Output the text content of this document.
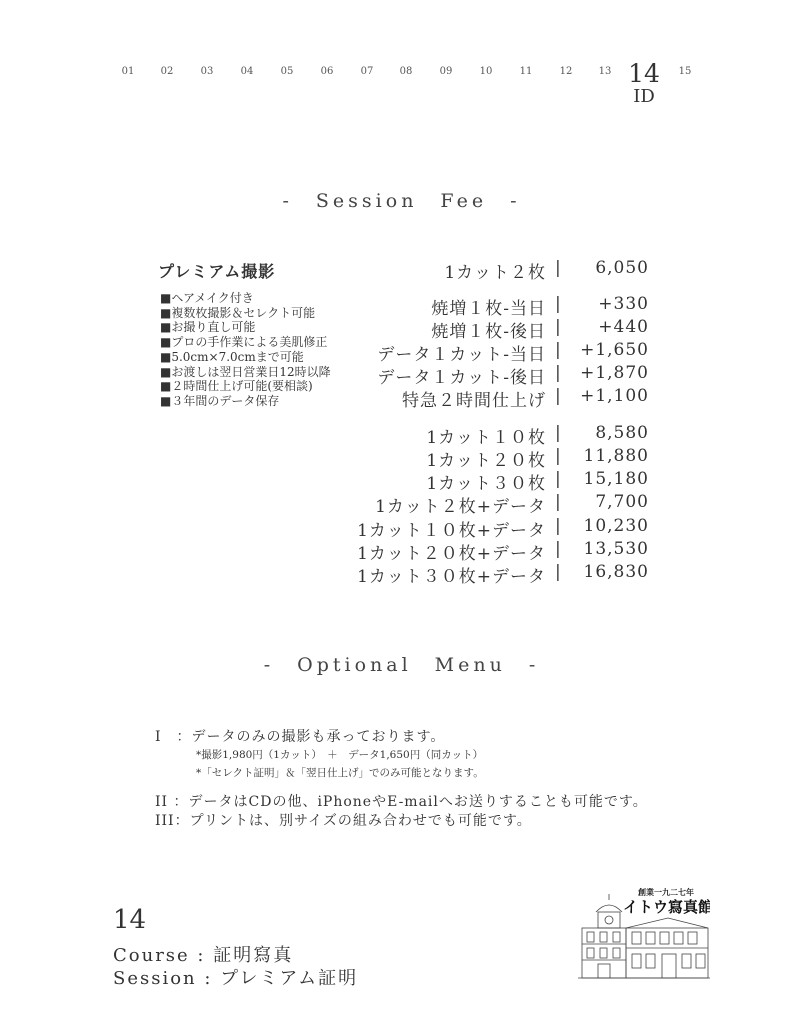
01	02	03	04	05	06	07	08	09	10	11	12	13 14
ID
15
-　Session　Fee　-
プレミアム撮影
■ ヘアメイク付き
■ 複数枚撮影＆セレクト可能
■ お撮り直し可能
■ プロの手作業による美肌修正
■ 5.0cm×7.0cmまで可能
■ お渡しは翌日営業日12時以降
■ ２時間仕上げ可能(要相談)
■ ３年間のデータ保存
1カット２枚 | 6,050
焼増１枚-当日 | +330
焼増１枚-後日 | +440
データ１カット-当日 | +1,650
データ１カット-後日 | +1,870
特急２時間仕上げ | +1,100
1カット１０枚 | 8,580
1カット２０枚 | 11,880
1カット３０枚 | 15,180
1カット２枚+データ | 7,700
1カット１０枚+データ | 10,230
1カット２０枚+データ | 13,530
1カット３０枚+データ | 16,830
-　Optional　Menu　-
I　：データのみの撮影も承っております。
*撮影1,980円（1カット）　＋　データ1,650円（同カット）
*「セレクト証明」＆「翌日仕上げ」でのみ可能となります。
II ：データはCDの他、iPhoneやE-mailへお送りすることも可能です。
III：プリントは、別サイズの組み合わせでも可能です。
14
Course : 証明寫真
Session : プレミアム証明
創業一九二七年
イトウ寫真館
